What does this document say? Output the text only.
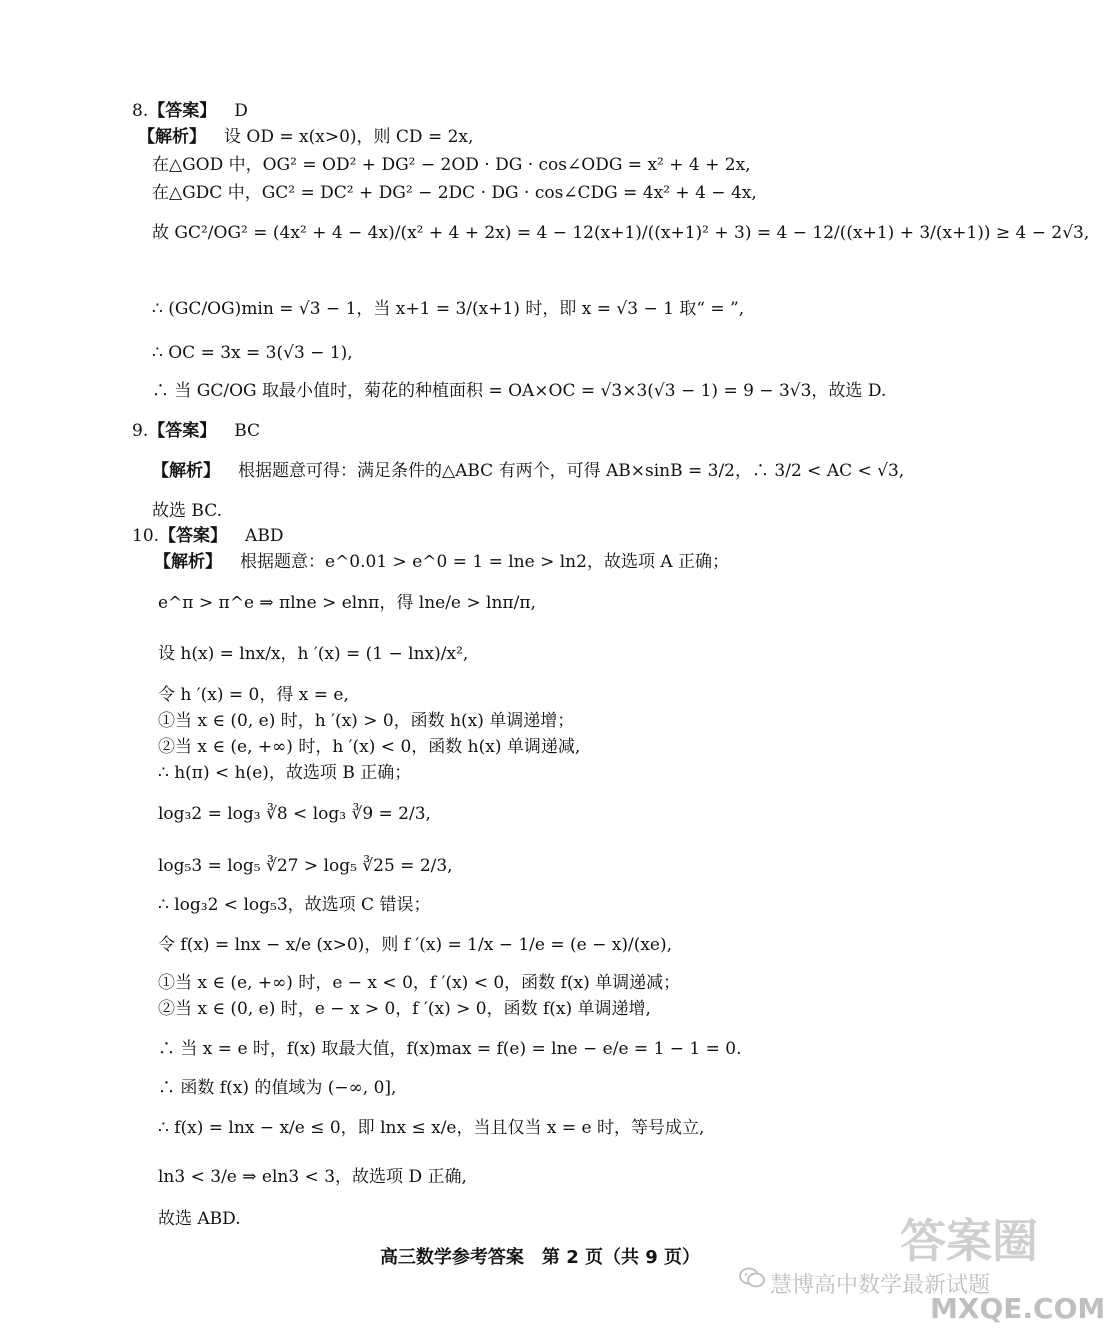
8.【答案】 D
【解析】 设 OD = x(x>0)，则 CD = 2x,
在△GOD 中，OG² = OD² + DG² − 2OD · DG · cos∠ODG = x² + 4 + 2x,
在△GDC 中，GC² = DC² + DG² − 2DC · DG · cos∠CDG = 4x² + 4 − 4x,
故 GC²/OG² = (4x² + 4 − 4x)/(x² + 4 + 2x) = 4 − 12(x+1)/((x+1)² + 3) = 4 − 12/((x+1) + 3/(x+1)) ≥ 4 − 2√3,
∴ (GC/OG)min = √3 − 1，当 x+1 = 3/(x+1) 时，即 x = √3 − 1 取“ = ”,
∴ OC = 3x = 3(√3 − 1),
∴ 当 GC/OG 取最小值时，菊花的种植面积 = OA×OC = √3×3(√3 − 1) = 9 − 3√3，故选 D.
9.【答案】 BC
【解析】 根据题意可得：满足条件的△ABC 有两个，可得 AB×sinB = 3/2，∴ 3/2 < AC < √3,
故选 BC.
10.【答案】 ABD
【解析】 根据题意：e^0.01 > e^0 = 1 = lne > ln2，故选项 A 正确；
e^π > π^e ⇒ πlne > elnπ，得 lne/e > lnπ/π,
设 h(x) = lnx/x，h ′(x) = (1 − lnx)/x²,
令 h ′(x) = 0，得 x = e,
①当 x ∈ (0, e) 时，h ′(x) > 0，函数 h(x) 单调递增；
②当 x ∈ (e, +∞) 时，h ′(x) < 0，函数 h(x) 单调递减,
∴ h(π) < h(e)，故选项 B 正确；
log₃2 = log₃ ∛8 < log₃ ∛9 = 2/3,
log₅3 = log₅ ∛27 > log₅ ∛25 = 2/3,
∴ log₃2 < log₅3，故选项 C 错误；
令 f(x) = lnx − x/e (x>0)，则 f ′(x) = 1/x − 1/e = (e − x)/(xe),
①当 x ∈ (e, +∞) 时，e − x < 0，f ′(x) < 0，函数 f(x) 单调递减；
②当 x ∈ (0, e) 时，e − x > 0，f ′(x) > 0，函数 f(x) 单调递增,
∴ 当 x = e 时，f(x) 取最大值，f(x)max = f(e) = lne − e/e = 1 − 1 = 0.
∴ 函数 f(x) 的值域为 (−∞, 0],
∴ f(x) = lnx − x/e ≤ 0，即 lnx ≤ x/e，当且仅当 x = e 时，等号成立,
ln3 < 3/e ⇒ eln3 < 3，故选项 D 正确,
故选 ABD.
高三数学参考答案　第 2 页（共 9 页）
慧博高中数学最新试题
答案圈
MXQE.COM
